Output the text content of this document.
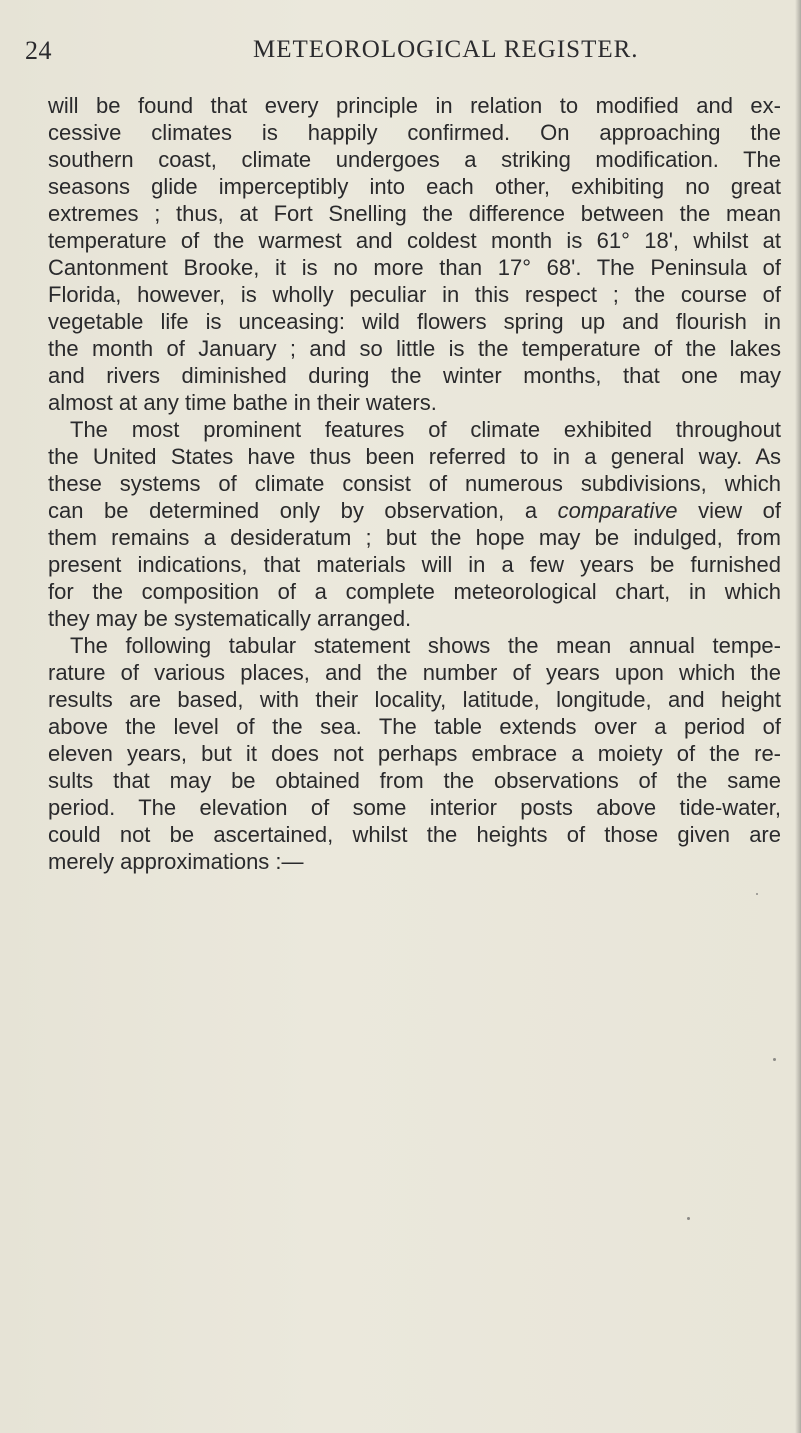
24	METEOROLOGICAL REGISTER.
will be found that every principle in relation to modified and ex-
cessive climates is happily confirmed. On approaching the
southern coast, climate undergoes a striking modification. The
seasons glide imperceptibly into each other, exhibiting no great
extremes ; thus, at Fort Snelling the difference between the mean
temperature of the warmest and coldest month is 61° 18', whilst at
Cantonment Brooke, it is no more than 17° 68'. The Peninsula of
Florida, however, is wholly peculiar in this respect ; the course of
vegetable life is unceasing: wild flowers spring up and flourish in
the month of January ; and so little is the temperature of the lakes
and rivers diminished during the winter months, that one may
almost at any time bathe in their waters.
The most prominent features of climate exhibited throughout
the United States have thus been referred to in a general way. As
these systems of climate consist of numerous subdivisions, which
can be determined only by observation, a comparative view of
them remains a desideratum ; but the hope may be indulged, from
present indications, that materials will in a few years be furnished
for the composition of a complete meteorological chart, in which
they may be systematically arranged.
The following tabular statement shows the mean annual tempe-
rature of various places, and the number of years upon which the
results are based, with their locality, latitude, longitude, and height
above the level of the sea. The table extends over a period of
eleven years, but it does not perhaps embrace a moiety of the re-
sults that may be obtained from the observations of the same
period. The elevation of some interior posts above tide-water,
could not be ascertained, whilst the heights of those given are
merely approximations :—
